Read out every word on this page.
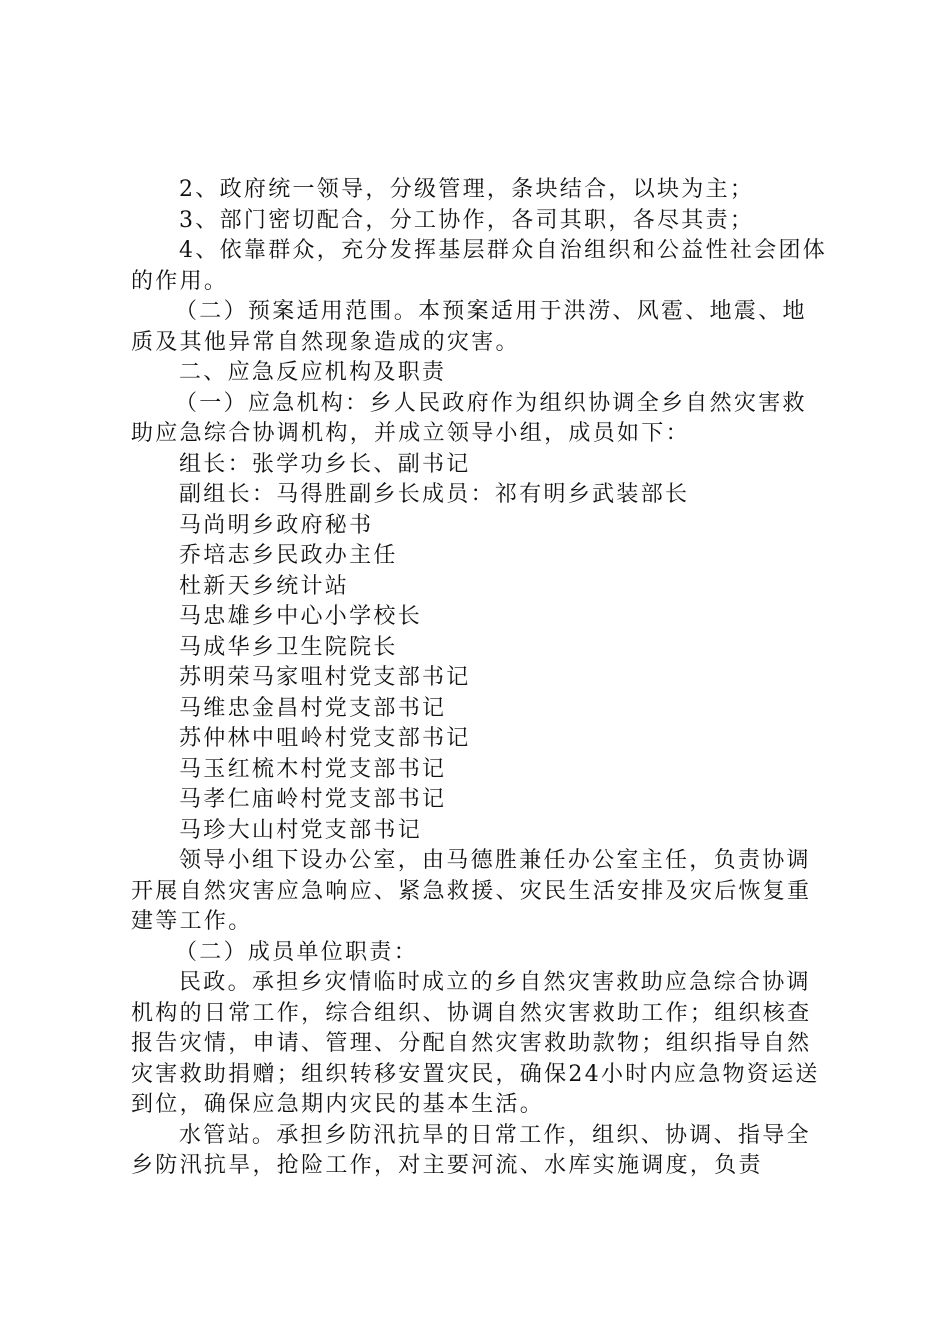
2、政府统一领导，分级管理，条块结合，以块为主；

3、部门密切配合，分工协作，各司其职，各尽其责；

4、依靠群众，充分发挥基层群众自治组织和公益性社会团体的作用。

（二）预案适用范围。本预案适用于洪涝、风雹、地震、地质及其他异常自然现象造成的灾害。

二、应急反应机构及职责

（一）应急机构：乡人民政府作为组织协调全乡自然灾害救助应急综合协调机构，并成立领导小组，成员如下：

组长：张学功乡长、副书记

副组长：马得胜副乡长成员：祁有明乡武装部长

马尚明乡政府秘书

乔培志乡民政办主任

杜新天乡统计站

马忠雄乡中心小学校长

马成华乡卫生院院长

苏明荣马家咀村党支部书记

马维忠金昌村党支部书记

苏仲林中咀岭村党支部书记

马玉红梳木村党支部书记

马孝仁庙岭村党支部书记

马珍大山村党支部书记

领导小组下设办公室，由马德胜兼任办公室主任，负责协调开展自然灾害应急响应、紧急救援、灾民生活安排及灾后恢复重建等工作。

（二）成员单位职责：

民政。承担乡灾情临时成立的乡自然灾害救助应急综合协调机构的日常工作，综合组织、协调自然灾害救助工作；组织核查报告灾情，申请、管理、分配自然灾害救助款物；组织指导自然灾害救助捐赠；组织转移安置灾民，确保24小时内应急物资运送到位，确保应急期内灾民的基本生活。

水管站。承担乡防汛抗旱的日常工作，组织、协调、指导全乡防汛抗旱，抢险工作，对主要河流、水库实施调度，负责
